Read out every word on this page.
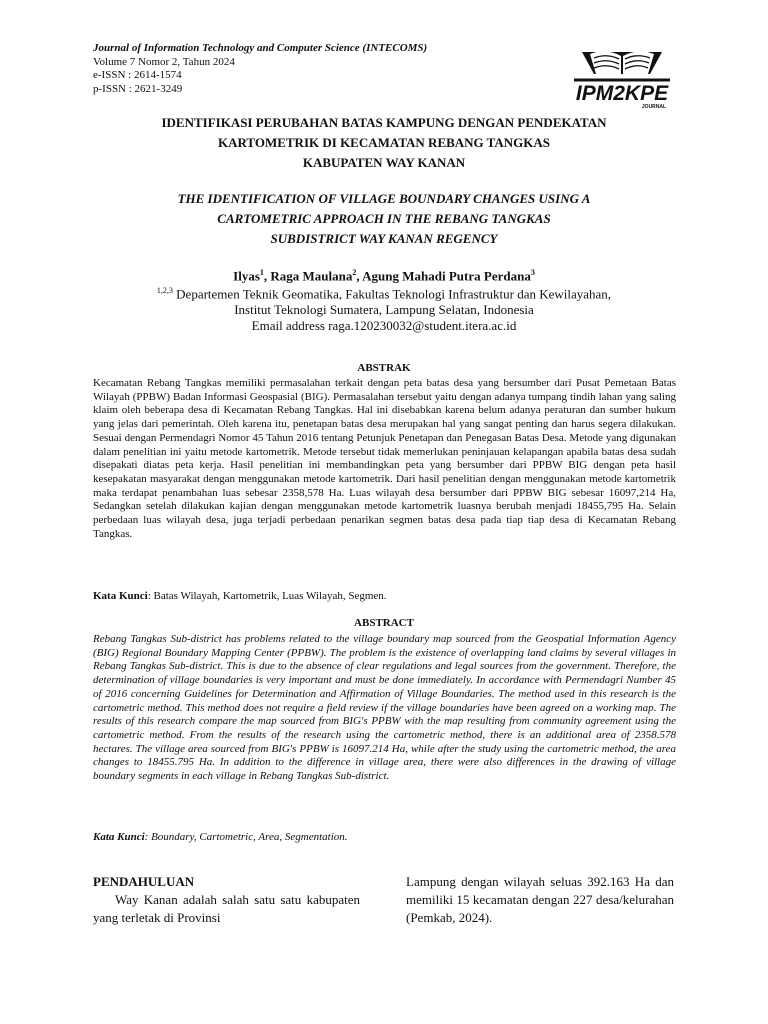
Journal of Information Technology and Computer Science (INTECOMS)
Volume 7 Nomor 2, Tahun 2024
e-ISSN : 2614-1574
p-ISSN : 2621-3249	IPM2KPE
JOURNAL
IDENTIFIKASI PERUBAHAN BATAS KAMPUNG DENGAN PENDEKATAN
KARTOMETRIK DI KECAMATAN REBANG TANGKAS
KABUPATEN WAY KANAN
THE IDENTIFICATION OF VILLAGE BOUNDARY CHANGES USING A
CARTOMETRIC APPROACH IN THE REBANG TANGKAS
SUBDISTRICT WAY KANAN REGENCY
Ilyas$^1$, Raga Maulana$^2$, Agung Mahadi Putra Perdana$^3$
$^{1,2,3}$ Departemen Teknik Geomatika, Fakultas Teknologi Infrastruktur dan Kewilayahan,
Institut Teknologi Sumatera, Lampung Selatan, Indonesia
Email address raga.120230032@student.itera.ac.id
ABSTRAK
Kecamatan Rebang Tangkas memiliki permasalahan terkait dengan peta batas desa yang bersumber dari Pusat Pemetaan Batas Wilayah (PPBW) Badan Informasi Geospasial (BIG). Permasalahan tersebut yaitu dengan adanya tumpang tindih lahan yang saling klaim oleh beberapa desa di Kecamatan Rebang Tangkas. Hal ini disebabkan karena belum adanya peraturan dan sumber hukum yang jelas dari pemerintah. Oleh karena itu, penetapan batas desa merupakan hal yang sangat penting dan harus segera dilakukan. Sesuai dengan Permendagri Nomor 45 Tahun 2016 tentang Petunjuk Penetapan dan Penegasan Batas Desa. Metode yang digunakan dalam penelitian ini yaitu metode kartometrik. Metode tersebut tidak memerlukan peninjauan kelapangan apabila batas desa sudah disepakati diatas peta kerja. Hasil penelitian ini membandingkan peta yang bersumber dari PPBW BIG dengan peta hasil kesepakatan masyarakat dengan menggunakan metode kartometrik. Dari hasil penelitian dengan menggunakan metode kartometrik maka terdapat penambahan luas sebesar 2358,578 Ha. Luas wilayah desa bersumber dari PPBW BIG sebesar 16097,214 Ha, Sedangkan setelah dilakukan kajian dengan menggunakan metode kartometrik luasnya berubah menjadi 18455,795 Ha. Selain perbedaan luas wilayah desa, juga terjadi perbedaan penarikan segmen batas desa pada tiap tiap desa di Kecamatan Rebang Tangkas.
Kata Kunci: Batas Wilayah, Kartometrik, Luas Wilayah, Segmen.
ABSTRACT
Rebang Tangkas Sub-district has problems related to the village boundary map sourced from the Geospatial Information Agency (BIG) Regional Boundary Mapping Center (PPBW). The problem is the existence of overlapping land claims by several villages in Rebang Tangkas Sub-district. This is due to the absence of clear regulations and legal sources from the government. Therefore, the determination of village boundaries is very important and must be done immediately. In accordance with Permendagri Number 45 of 2016 concerning Guidelines for Determination and Affirmation of Village Boundaries. The method used in this research is the cartometric method. This method does not require a field review if the village boundaries have been agreed on a working map. The results of this research compare the map sourced from BIG's PPBW with the map resulting from community agreement using the cartometric method. From the results of the research using the cartometric method, there is an additional area of 2358.578 hectares. The village area sourced from BIG's PPBW is 16097.214 Ha, while after the study using the cartometric method, the area changes to 18455.795 Ha. In addition to the difference in village area, there were also differences in the drawing of village boundary segments in each village in Rebang Tangkas Sub-district.
Kata Kunci: Boundary, Cartometric, Area, Segmentation.
PENDAHULUAN
Way Kanan adalah salah satu satu kabupaten yang terletak di Provinsi
Lampung dengan wilayah seluas 392.163 Ha dan memiliki 15 kecamatan dengan 227 desa/kelurahan (Pemkab, 2024).
